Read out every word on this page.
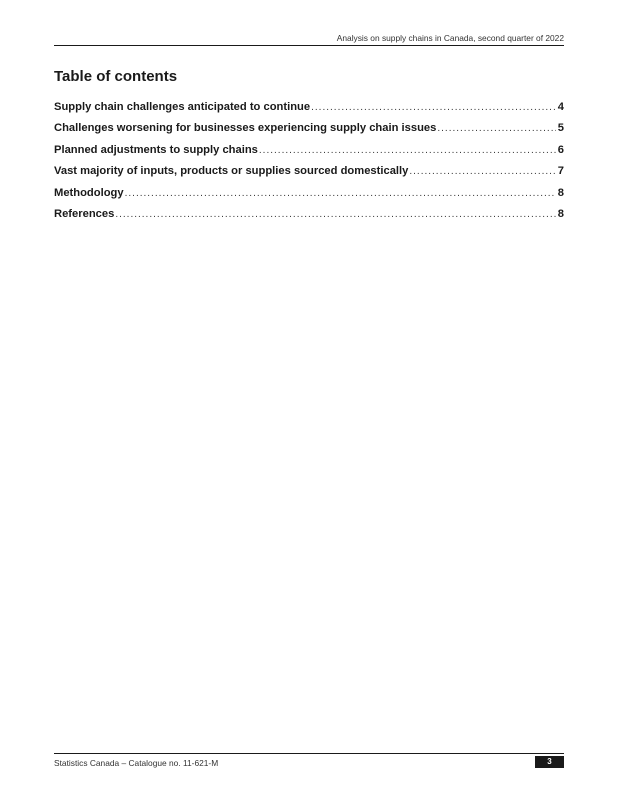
Analysis on supply chains in Canada, second quarter of 2022
Table of contents
Supply chain challenges anticipated to continue .....	4
Challenges worsening for businesses experiencing supply chain issues .....	5
Planned adjustments to supply chains .....	6
Vast majority of inputs, products or supplies sourced domestically .....	7
Methodology .....	8
References .....	8
Statistics Canada – Catalogue no. 11-621-M	3
